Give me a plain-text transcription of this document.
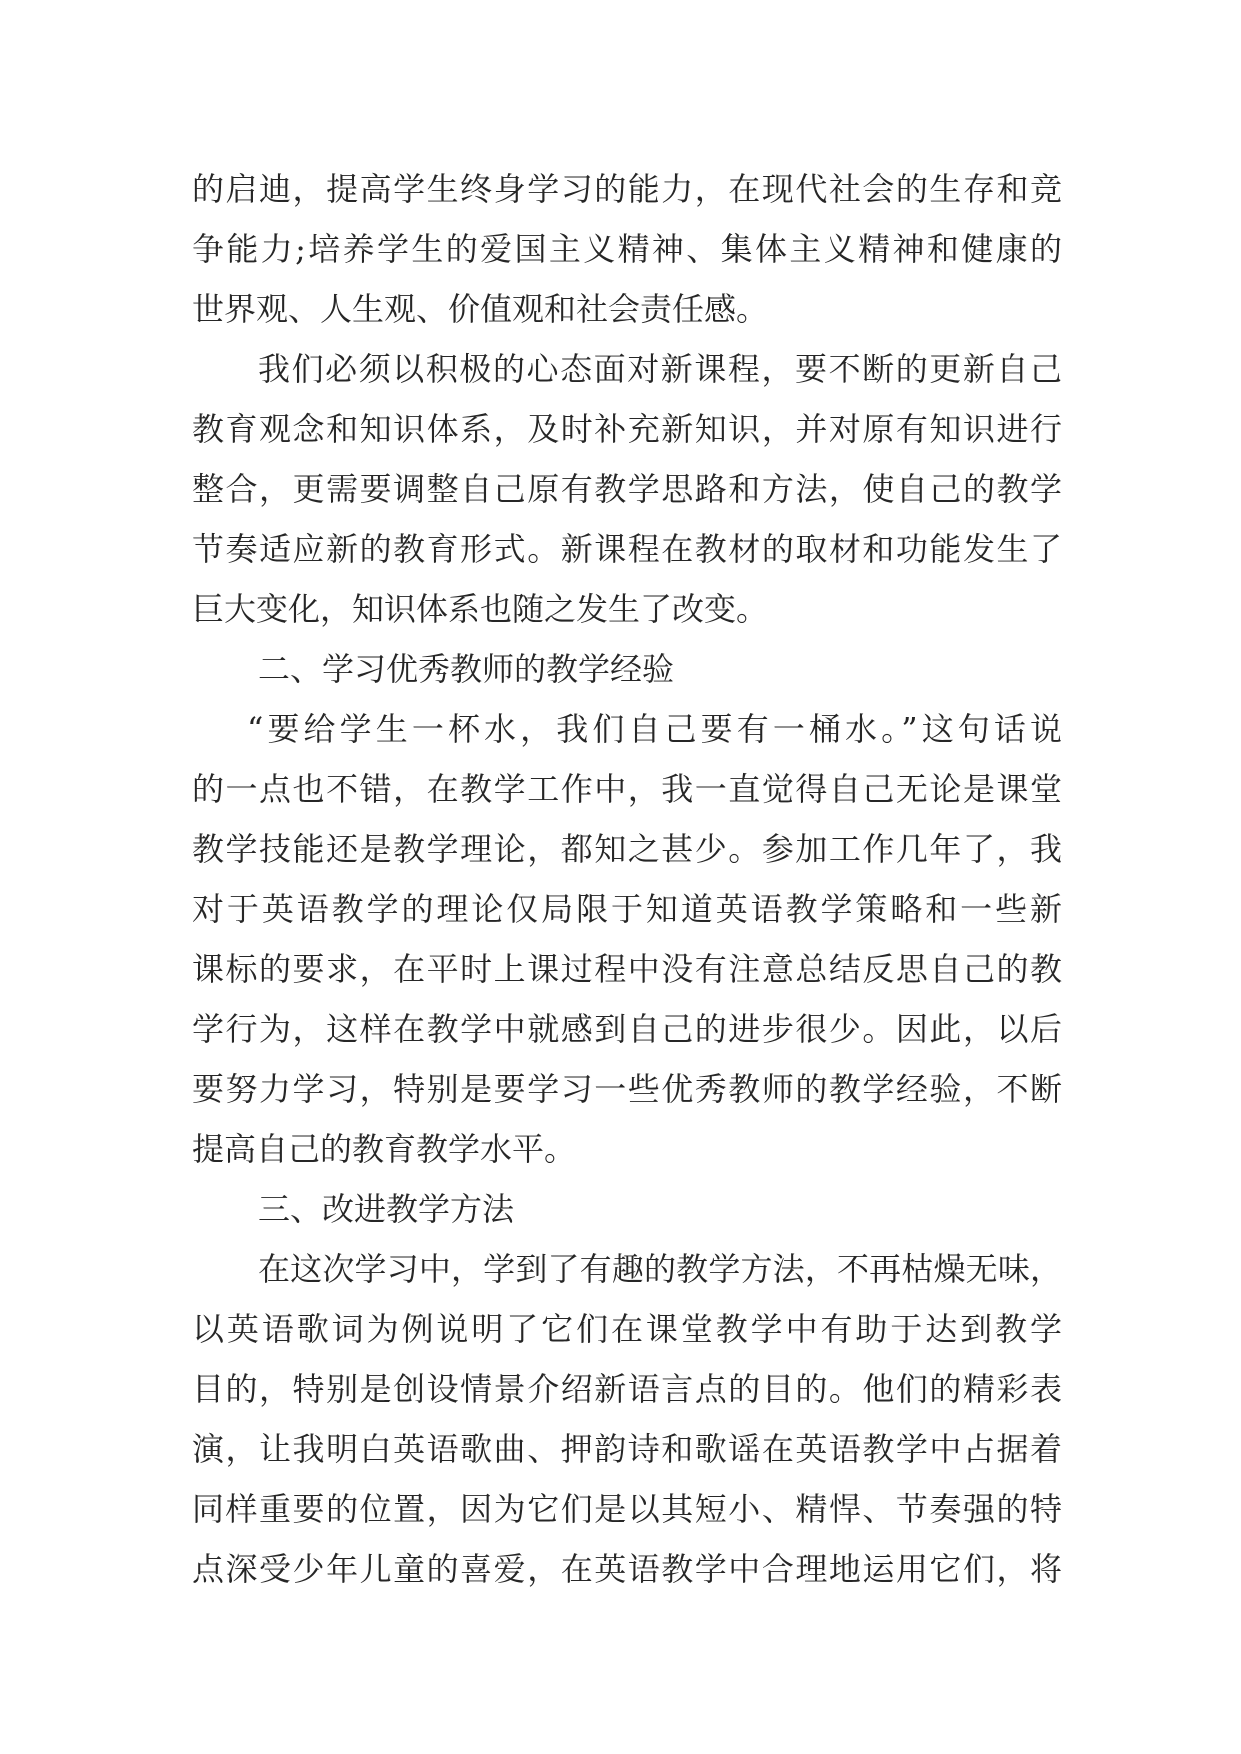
的启迪，提高学生终身学习的能力，在现代社会的生存和竞
争能力;培养学生的爱国主义精神、集体主义精神和健康的
世界观、人生观、价值观和社会责任感。
我们必须以积极的心态面对新课程，要不断的更新自己
教育观念和知识体系，及时补充新知识，并对原有知识进行
整合，更需要调整自己原有教学思路和方法，使自己的教学
节奏适应新的教育形式。新课程在教材的取材和功能发生了
巨大变化，知识体系也随之发生了改变。
二、学习优秀教师的教学经验
“要给学生一杯水，我们自己要有一桶水。”这句话说
的一点也不错，在教学工作中，我一直觉得自己无论是课堂
教学技能还是教学理论，都知之甚少。参加工作几年了，我
对于英语教学的理论仅局限于知道英语教学策略和一些新
课标的要求，在平时上课过程中没有注意总结反思自己的教
学行为，这样在教学中就感到自己的进步很少。因此，以后
要努力学习，特别是要学习一些优秀教师的教学经验，不断
提高自己的教育教学水平。
三、改进教学方法
在这次学习中，学到了有趣的教学方法，不再枯燥无味，
以英语歌词为例说明了它们在课堂教学中有助于达到教学
目的，特别是创设情景介绍新语言点的目的。他们的精彩表
演，让我明白英语歌曲、押韵诗和歌谣在英语教学中占据着
同样重要的位置，因为它们是以其短小、精悍、节奏强的特
点深受少年儿童的喜爱，在英语教学中合理地运用它们，将
